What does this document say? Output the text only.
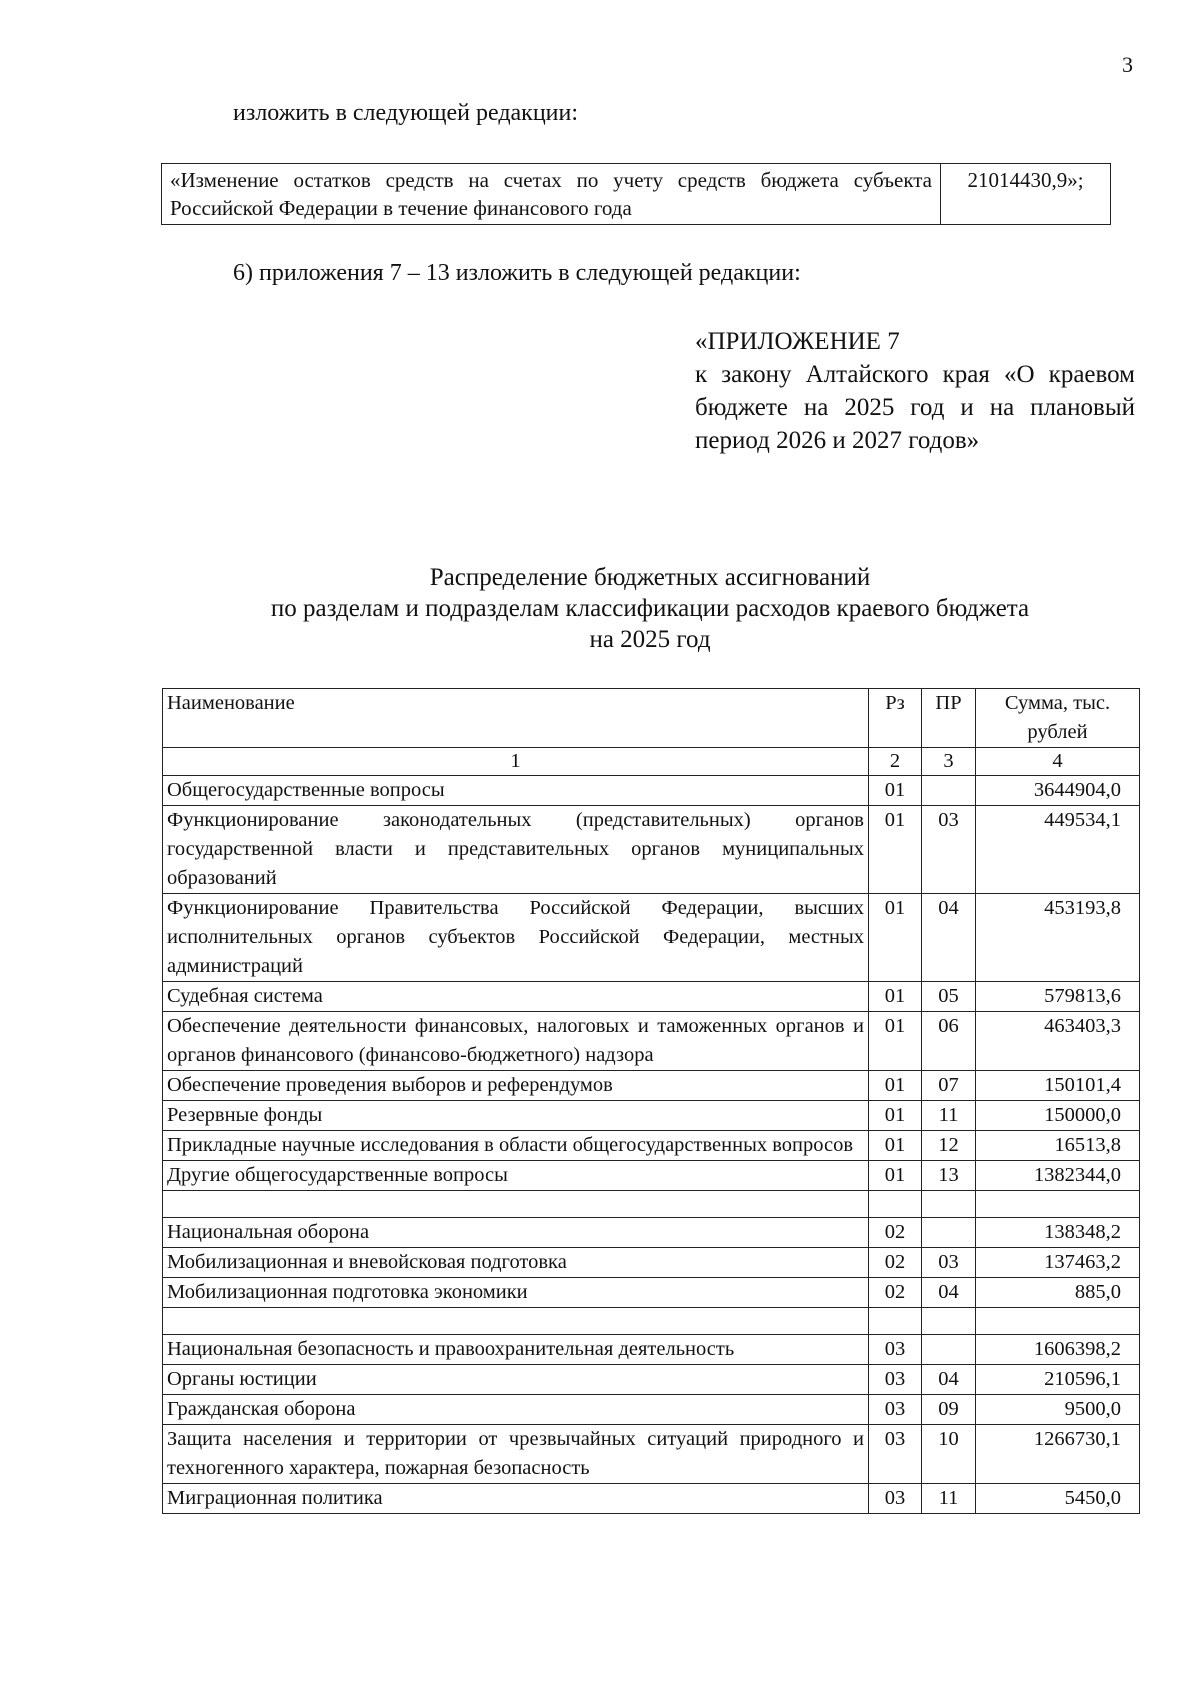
3
изложить в следующей редакции:
«Изменение остатков средств на счетах по учету средств бюджета субъекта Российской Федерации в течение финансового года	21014430,9»;
6) приложения 7 – 13 изложить в следующей редакции:
«ПРИЛОЖЕНИЕ 7
к закону Алтайского края «О краевом бюджете на 2025 год и на плановый период 2026 и 2027 годов»
Распределение бюджетных ассигнований
по разделам и подразделам классификации расходов краевого бюджета
на 2025 год
Наименование	Рз	ПР	Сумма, тыс. рублей
1	2	3	4
Общегосударственные вопросы	01		3644904,0
Функционирование законодательных (представительных) органов государственной власти и представительных органов муниципальных образований	01	03	449534,1
Функционирование Правительства Российской Федерации, высших исполнительных органов субъектов Российской Федерации, местных администраций	01	04	453193,8
Судебная система	01	05	579813,6
Обеспечение деятельности финансовых, налоговых и таможенных органов и органов финансового (финансово-бюджетного) надзора	01	06	463403,3
Обеспечение проведения выборов и референдумов	01	07	150101,4
Резервные фонды	01	11	150000,0
Прикладные научные исследования в области общегосударственных вопросов	01	12	16513,8
Другие общегосударственные вопросы	01	13	1382344,0

Национальная оборона	02		138348,2
Мобилизационная и вневойсковая подготовка	02	03	137463,2
Мобилизационная подготовка экономики	02	04	885,0

Национальная безопасность и правоохранительная деятельность	03		1606398,2
Органы юстиции	03	04	210596,1
Гражданская оборона	03	09	9500,0
Защита населения и территории от чрезвычайных ситуаций природного и техногенного характера, пожарная безопасность	03	10	1266730,1
Миграционная политика	03	11	5450,0
